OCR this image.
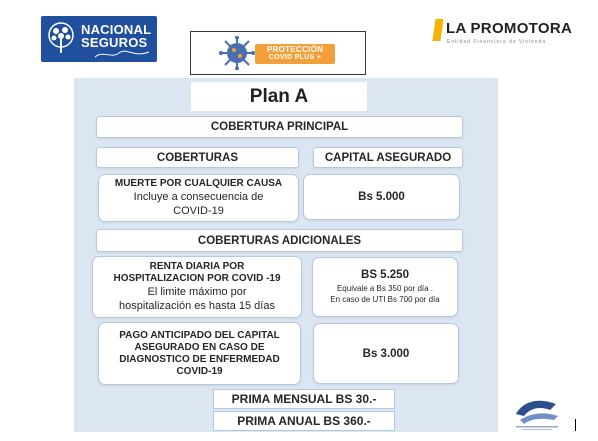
NACIONAL
SEGUROS
LA PROMOTORA
Entidad Financiera de Vivienda
PROTECCIÓN
COVID PLUS +
Plan A
COBERTURA PRINCIPAL
COBERTURAS	CAPITAL ASEGURADO
MUERTE POR CUALQUIER CAUSA
Incluye a consecuencia de
COVID-19
Bs 5.000
COBERTURAS ADICIONALES
RENTA DIARIA POR
HOSPITALIZACION POR COVID -19
El limite máximo por
hospitalización es hasta 15 días
BS 5.250
Equivale a Bs 350 por día .
En caso de UTI Bs 700 por día
PAGO ANTICIPADO DEL CAPITAL
ASEGURADO EN CASO DE
DIAGNOSTICO DE ENFERMEDAD
COVID-19
Bs 3.000
PRIMA MENSUAL BS 30.-
PRIMA ANUAL BS 360.-
